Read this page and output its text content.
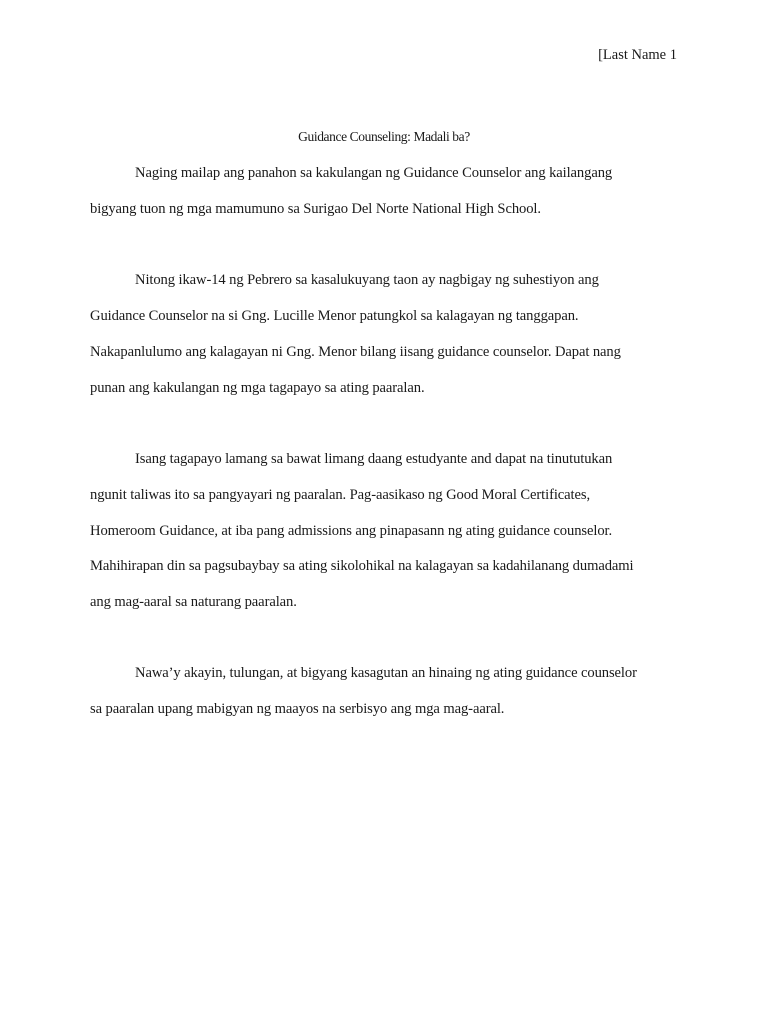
[Last Name 1
Guidance Counseling: Madali ba?
Naging mailap ang panahon sa kakulangan ng Guidance Counselor ang kailangang
bigyang tuon ng mga mamumuno sa Surigao Del Norte National High School.
Nitong ikaw-14 ng Pebrero sa kasalukuyang taon ay nagbigay ng suhestiyon ang
Guidance Counselor na si Gng. Lucille Menor patungkol sa kalagayan ng tanggapan.
Nakapanlulumo ang kalagayan ni Gng. Menor bilang iisang guidance counselor. Dapat nang
punan ang kakulangan ng mga tagapayo sa ating paaralan.
Isang tagapayo lamang sa bawat limang daang estudyante and dapat na tinututukan
ngunit taliwas ito sa pangyayari ng paaralan. Pag-aasikaso ng Good Moral Certificates,
Homeroom Guidance, at iba pang admissions ang pinapasann ng ating guidance counselor.
Mahihirapan din sa pagsubaybay sa ating sikolohikal na kalagayan sa kadahilanang dumadami
ang mag-aaral sa naturang paaralan.
Nawa’y akayin, tulungan, at bigyang kasagutan an hinaing ng ating guidance counselor
sa paaralan upang mabigyan ng maayos na serbisyo ang mga mag-aaral.
